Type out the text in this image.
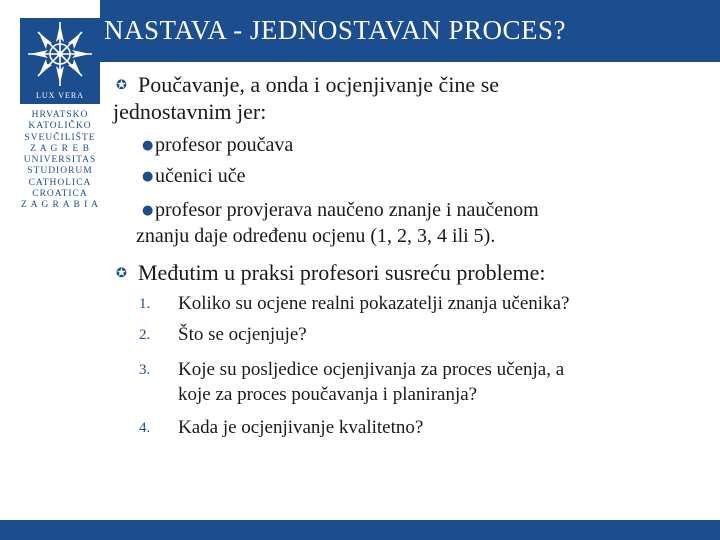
NASTAVA - JEDNOSTAVAN PROCES?
LUX VERA
HRVATSKO
KATOLIČKO
SVEUČILIŠTE
Z A G R E B
UNIVERSITAS
STUDIORUM
CATHOLICA
CROATICA
Z A G R A B I A
✪ Poučavanje, a onda i ocjenjivanje čine se
jednostavnim jer:
● profesor poučava
● učenici uče
● profesor provjerava naučeno znanje i naučenom
znanju daje određenu ocjenu (1, 2, 3, 4 ili 5).
✪ Međutim u praksi profesori susreću probleme:
1.	Koliko su ocjene realni pokazatelji znanja učenika?
2.	Što se ocjenjuje?
3.	Koje su posljedice ocjenjivanja za proces učenja, a
koje za proces poučavanja i planiranja?
4.	Kada je ocjenjivanje kvalitetno?
